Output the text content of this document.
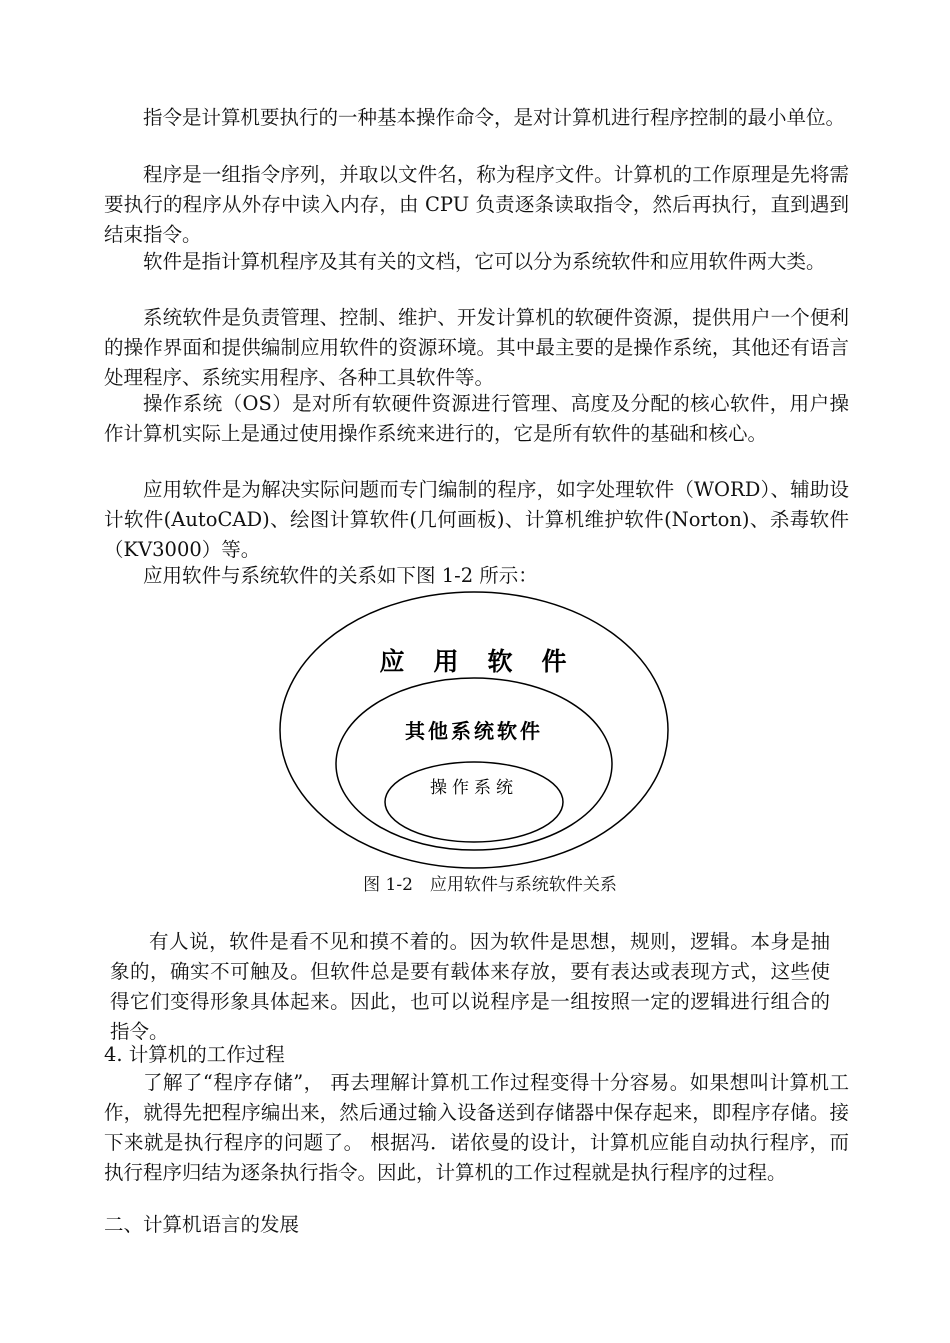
指令是计算机要执行的一种基本操作命令，是对计算机进行程序控制的最小单位。

程序是一组指令序列，并取以文件名，称为程序文件。计算机的工作原理是先将需要执行的程序从外存中读入内存，由 CPU 负责逐条读取指令，然后再执行，直到遇到结束指令。

软件是指计算机程序及其有关的文档，它可以分为系统软件和应用软件两大类。

系统软件是负责管理、控制、维护、开发计算机的软硬件资源，提供用户一个便利的操作界面和提供编制应用软件的资源环境。其中最主要的是操作系统，其他还有语言处理程序、系统实用程序、各种工具软件等。

操作系统（OS）是对所有软硬件资源进行管理、高度及分配的核心软件，用户操作计算机实际上是通过使用操作系统来进行的，它是所有软件的基础和核心。

应用软件是为解决实际问题而专门编制的程序，如字处理软件（WORD）、辅助设计软件(AutoCAD)、绘图计算软件(几何画板)、计算机维护软件(Norton)、杀毒软件（KV3000）等。

应用软件与系统软件的关系如下图 1-2 所示：

应　用　软　件
其他系统软件
操作系统
图 1-2　应用软件与系统软件关系

有人说，软件是看不见和摸不着的。因为软件是思想，规则，逻辑。本身是抽象的，确实不可触及。但软件总是要有载体来存放，要有表达或表现方式，这些使得它们变得形象具体起来。因此，也可以说程序是一组按照一定的逻辑进行组合的指令。

4. 计算机的工作过程

了解了“程序存储”， 再去理解计算机工作过程变得十分容易。如果想叫计算机工作，就得先把程序编出来，然后通过输入设备送到存储器中保存起来，即程序存储。接下来就是执行程序的问题了。 根据冯．诺依曼的设计，计算机应能自动执行程序，而执行程序归结为逐条执行指令。因此，计算机的工作过程就是执行程序的过程。

二、计算机语言的发展
